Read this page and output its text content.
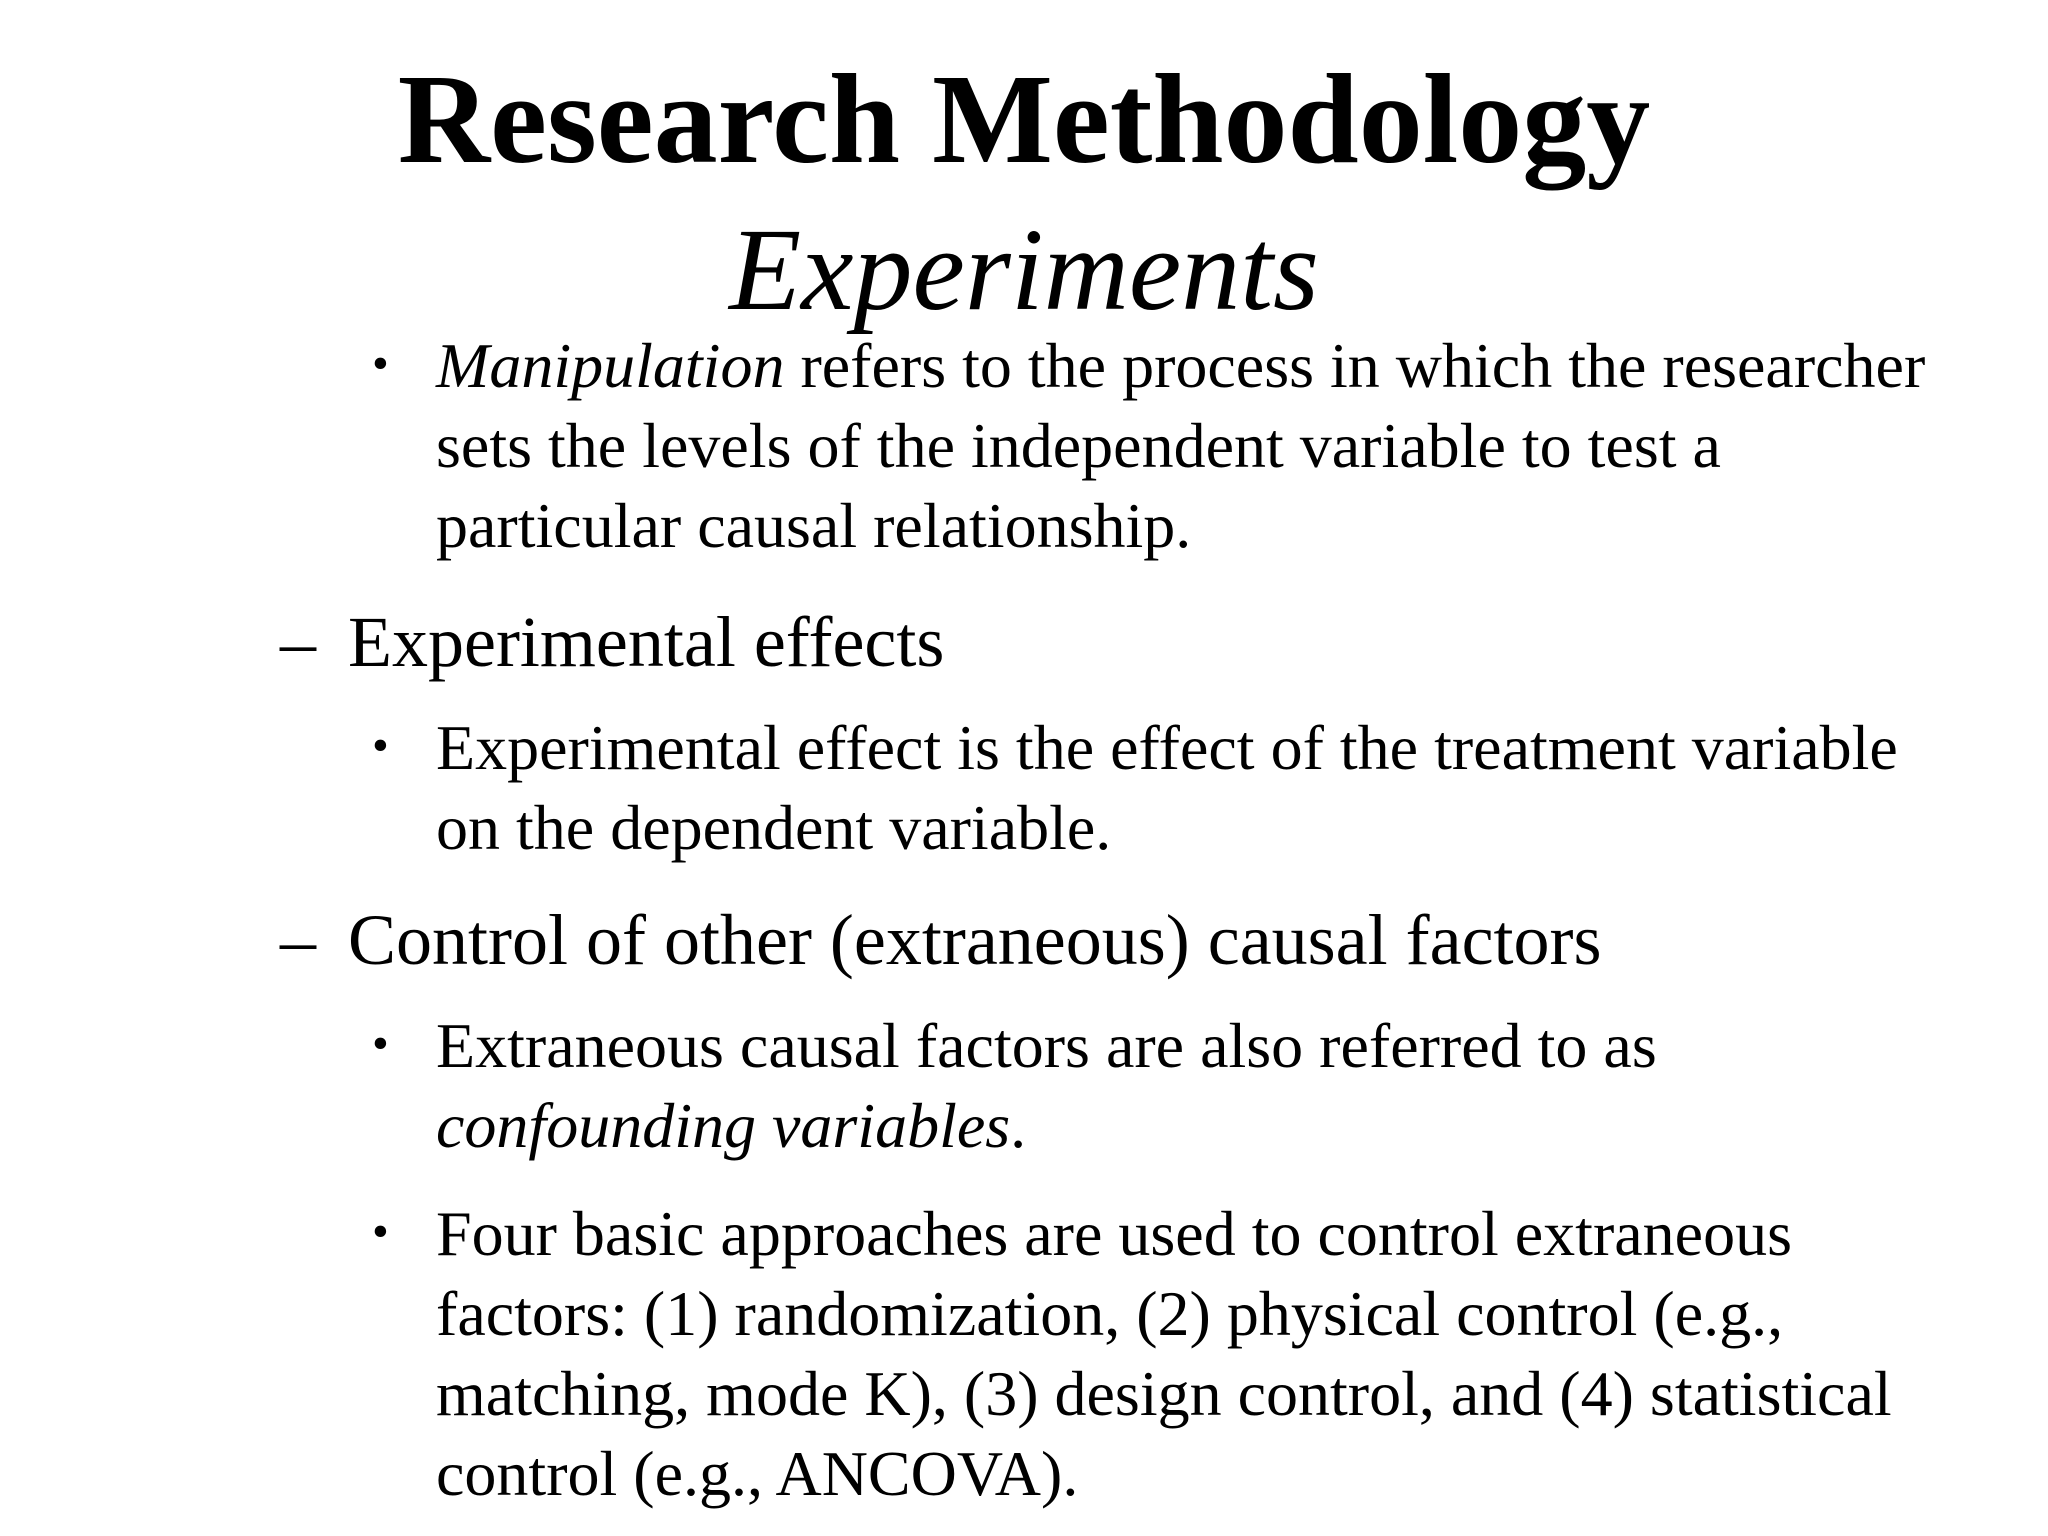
Research Methodology
Experiments
• Manipulation refers to the process in which the researcher sets the levels of the independent variable to test a particular causal relationship.
– Experimental effects
• Experimental effect is the effect of the treatment variable on the dependent variable.
– Control of other (extraneous) causal factors
• Extraneous causal factors are also referred to as confounding variables.
• Four basic approaches are used to control extraneous factors: (1) randomization, (2) physical control (e.g., matching, mode K), (3) design control, and (4) statistical control (e.g., ANCOVA).
